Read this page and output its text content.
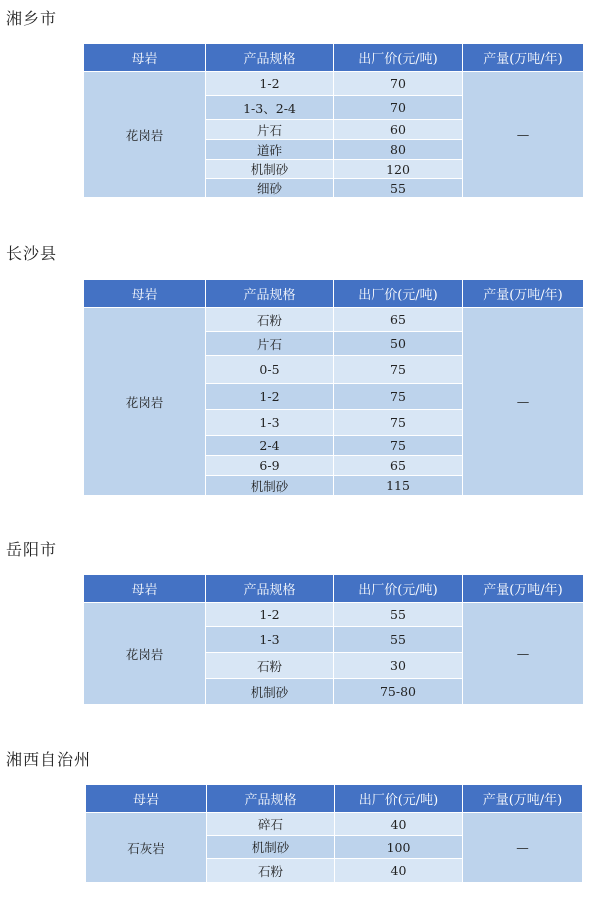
湘乡市
母岩	产品规格	出厂价(元/吨)	产量(万吨/年)
花岗岩	1-2	70	—
	1-3、2-4	70	
	片石	60	
	道砟	80	
	机制砂	120	
	细砂	55	
长沙县
母岩	产品规格	出厂价(元/吨)	产量(万吨/年)
花岗岩	石粉	65	—
	片石	50	
	0-5	75	
	1-2	75	
	1-3	75	
	2-4	75	
	6-9	65	
	机制砂	115	
岳阳市
母岩	产品规格	出厂价(元/吨)	产量(万吨/年)
花岗岩	1-2	55	—
	1-3	55	
	石粉	30	
	机制砂	75-80	
湘西自治州
母岩	产品规格	出厂价(元/吨)	产量(万吨/年)
石灰岩	碎石	40	—
	机制砂	100	
	石粉	40	
